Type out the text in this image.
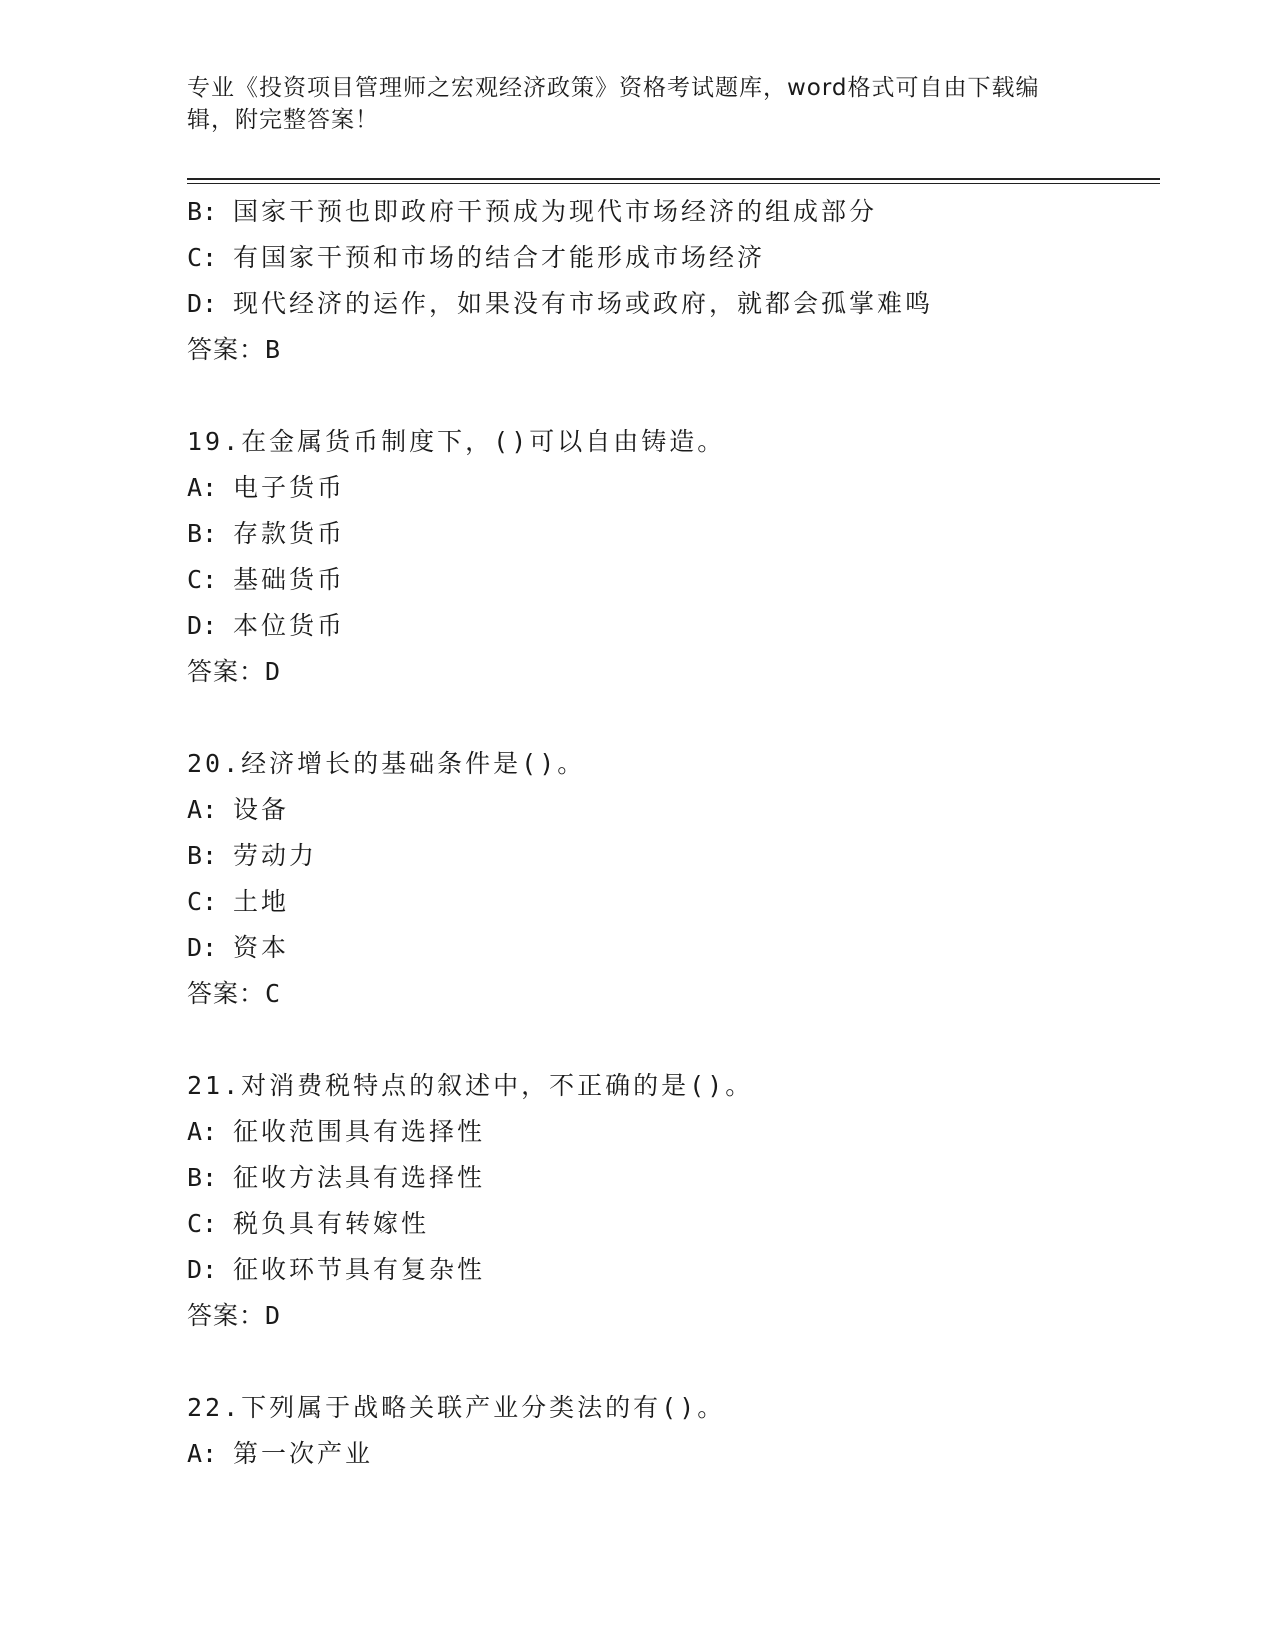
专业《投资项目管理师之宏观经济政策》资格考试题库，word格式可自由下载编
辑，附完整答案！
B: 国家干预也即政府干预成为现代市场经济的组成部分
C: 有国家干预和市场的结合才能形成市场经济
D: 现代经济的运作，如果没有市场或政府，就都会孤掌难鸣
答案：B
19.在金属货币制度下，()可以自由铸造。
A: 电子货币
B: 存款货币
C: 基础货币
D: 本位货币
答案：D
20.经济增长的基础条件是()。
A: 设备
B: 劳动力
C: 土地
D: 资本
答案：C
21.对消费税特点的叙述中，不正确的是()。
A: 征收范围具有选择性
B: 征收方法具有选择性
C: 税负具有转嫁性
D: 征收环节具有复杂性
答案：D
22.下列属于战略关联产业分类法的有()。
A: 第一次产业
